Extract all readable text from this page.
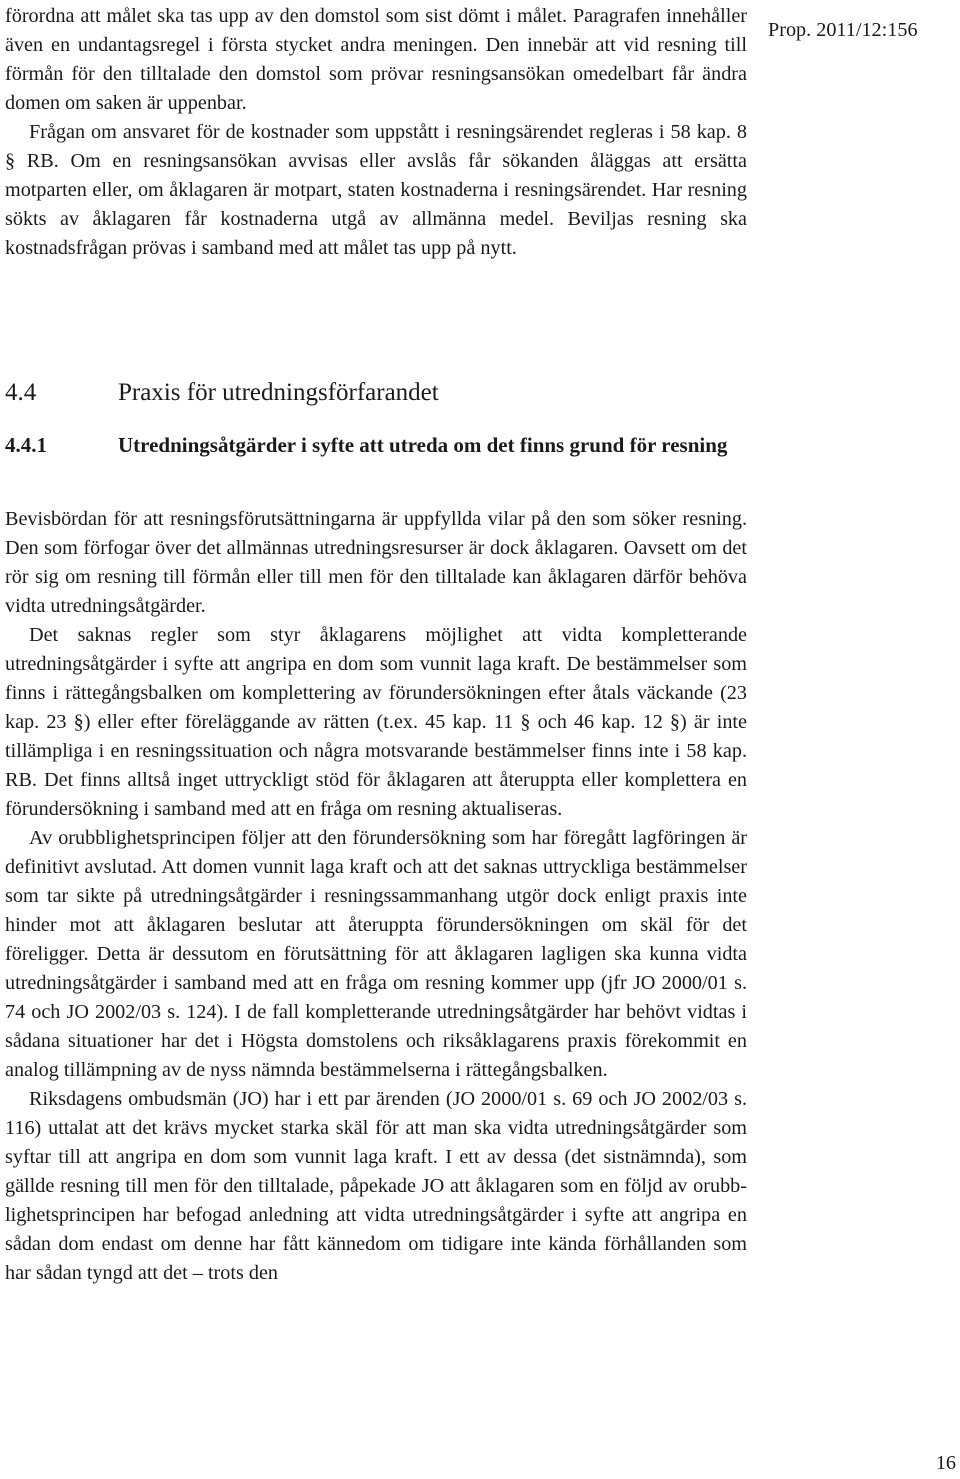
förordna att målet ska tas upp av den domstol som sist dömt i målet. Paragrafen innehåller även en undantagsregel i första stycket andra meningen. Den innebär att vid resning till förmån för den tilltalade den domstol som prövar resningsansökan omedelbart får ändra domen om saken är uppenbar.

Frågan om ansvaret för de kostnader som uppstått i resningsärendet regleras i 58 kap. 8 § RB. Om en resningsansökan avvisas eller avslås får sökanden åläggas att ersätta motparten eller, om åklagaren är motpart, staten kostnaderna i resningsärendet. Har resning sökts av åklagaren får kostnaderna utgå av allmänna medel. Beviljas resning ska kostnadsfrågan prövas i samband med att målet tas upp på nytt.

Prop. 2011/12:156
4.4	Praxis för utredningsförfarandet
4.4.1	Utredningsåtgärder i syfte att utreda om det finns grund för resning

Bevisbördan för att resningsförutsättningarna är uppfyllda vilar på den som söker resning. Den som förfogar över det allmännas utredningsresurser är dock åklagaren. Oavsett om det rör sig om resning till förmån eller till men för den tilltalade kan åklagaren därför behöva vidta utredningsåtgärder.

Det saknas regler som styr åklagarens möjlighet att vidta kompletterande utredningsåtgärder i syfte att angripa en dom som vunnit laga kraft. De bestämmelser som finns i rättegångsbalken om komplettering av förundersökningen efter åtals väckande (23 kap. 23 §) eller efter föreläggande av rätten (t.ex. 45 kap. 11 § och 46 kap. 12 §) är inte tillämpliga i en resningssituation och några motsvarande bestämmelser finns inte i 58 kap. RB. Det finns alltså inget uttryckligt stöd för åklagaren att återuppta eller komplettera en förundersökning i samband med att en fråga om resning aktualiseras.

Av orubblighetsprincipen följer att den förundersökning som har föregått lagföringen är definitivt avslutad. Att domen vunnit laga kraft och att det saknas uttryckliga bestämmelser som tar sikte på utredningsåtgärder i resningssammanhang utgör dock enligt praxis inte hinder mot att åklagaren beslutar att återuppta förundersökningen om skäl för det föreligger. Detta är dessutom en förutsättning för att åklagaren lagligen ska kunna vidta utredningsåtgärder i samband med att en fråga om resning kommer upp (jfr JO 2000/01 s. 74 och JO 2002/03 s. 124). I de fall kompletterande utredningsåtgärder har behövt vidtas i sådana situationer har det i Högsta domstolens och riksåklagarens praxis förekommit en analog tillämpning av de nyss nämnda bestämmelserna i rättegångsbalken.

Riksdagens ombudsmän (JO) har i ett par ärenden (JO 2000/01 s. 69 och JO 2002/03 s. 116) uttalat att det krävs mycket starka skäl för att man ska vidta utredningsåtgärder som syftar till att angripa en dom som vunnit laga kraft. I ett av dessa (det sistnämnda), som gällde resning till men för den tilltalade, påpekade JO att åklagaren som en följd av orubblighetsprincipen har befogad anledning att vidta utredningsåtgärder i syfte att angripa en sådan dom endast om denne har fått kännedom om tidigare inte kända förhållanden som har sådan tyngd att det – trots den

16
